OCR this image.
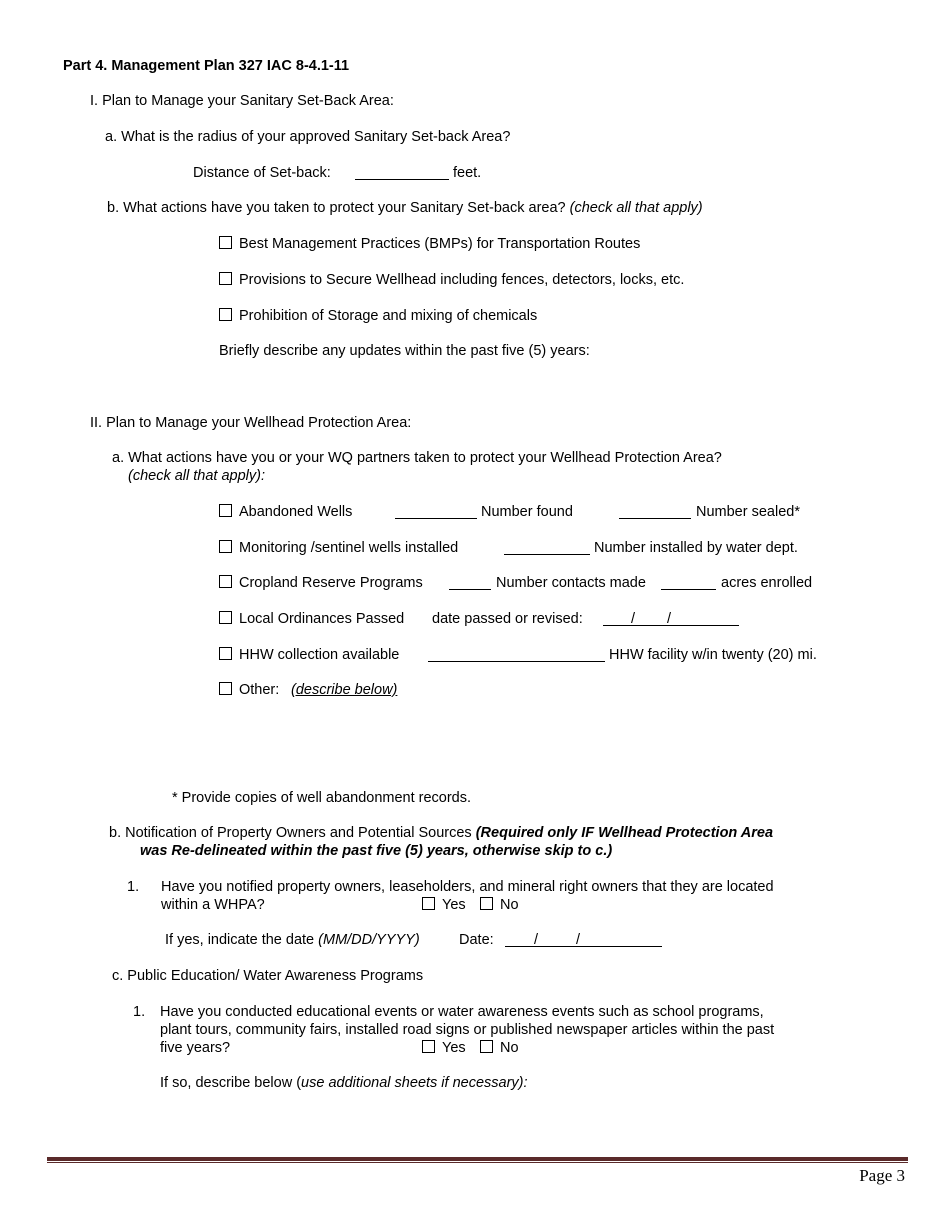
Part 4. Management Plan 327 IAC 8-4.1-11
I. Plan to Manage your Sanitary Set-Back Area:
a. What is the radius of your approved Sanitary Set-back Area?
Distance of Set-back:	feet.
b. What actions have you taken to protect your Sanitary Set-back area? (check all that apply)
Best Management Practices (BMPs) for Transportation Routes
Provisions to Secure Wellhead including fences, detectors, locks, etc.
Prohibition of Storage and mixing of chemicals
Briefly describe any updates within the past five (5) years:
II. Plan to Manage your Wellhead Protection Area:
a. What actions have you or your WQ partners taken to protect your Wellhead Protection Area?
(check all that apply):
Abandoned Wells	Number found	Number sealed*
Monitoring /sentinel wells installed	Number installed by water dept.
Cropland Reserve Programs	Number contacts made	acres enrolled
Local Ordinances Passed date passed or revised:	/ /
HHW collection available	HHW facility w/in twenty (20) mi.
Other: (describe below)
* Provide copies of well abandonment records.
b. Notification of Property Owners and Potential Sources (Required only IF Wellhead Protection Area
was Re-delineated within the past five (5) years, otherwise skip to c.)
1. Have you notified property owners, leaseholders, and mineral right owners that they are located
within a WHPA?	Yes No
If yes, indicate the date (MM/DD/YYYY)	Date:	/	/
c. Public Education/ Water Awareness Programs
1. Have you conducted educational events or water awareness events such as school programs,
plant tours, community fairs, installed road signs or published newspaper articles within the past
five years?	Yes No
If so, describe below (use additional sheets if necessary):
Page 3
